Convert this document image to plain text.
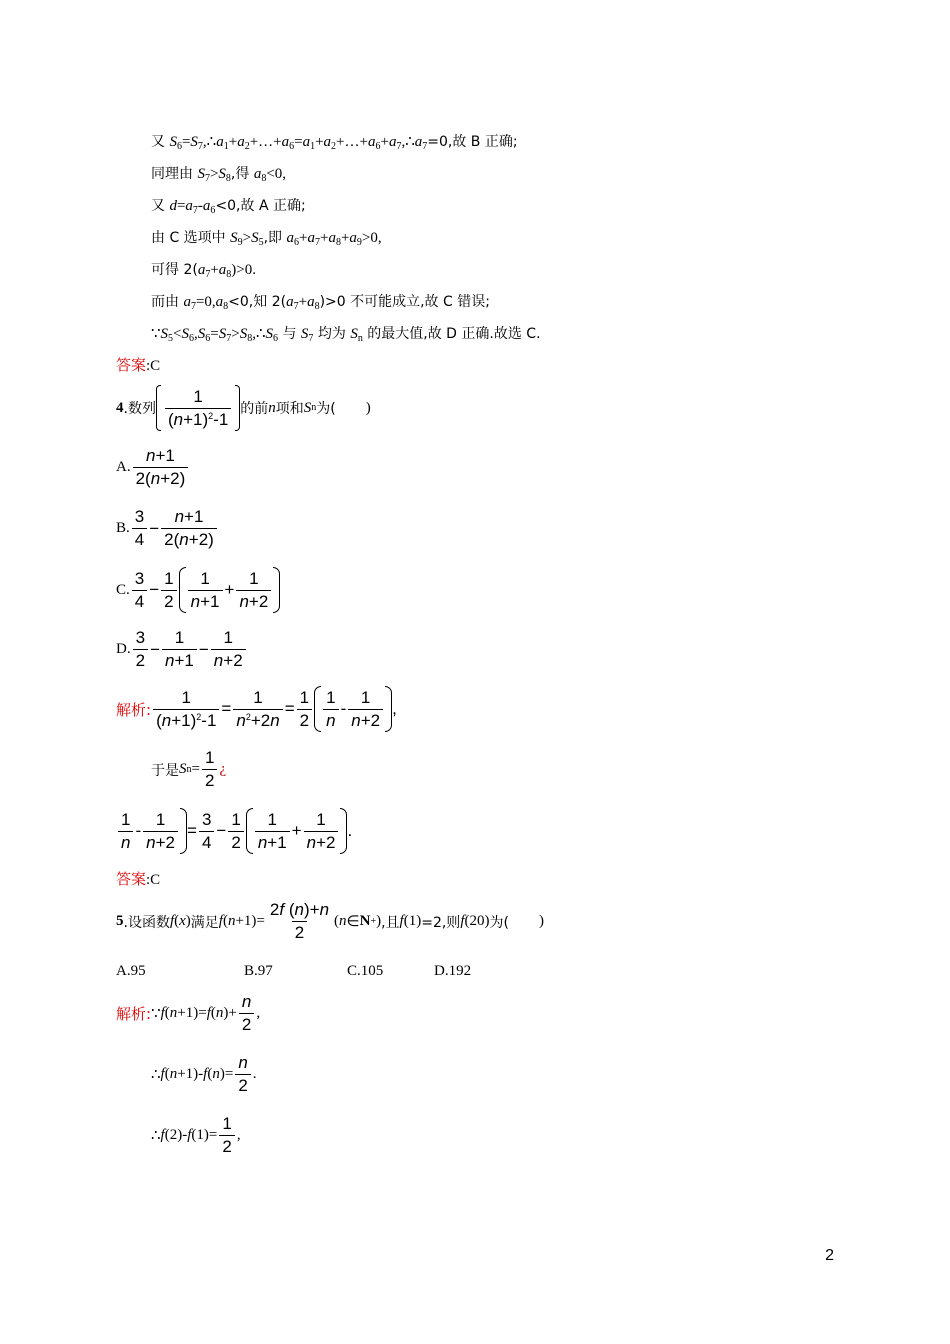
又 $S_6=S_7,\therefore a_1+a_2+\dots+a_6=a_1+a_2+\dots+a_6+a_7,\therefore a_7=0$,故 B 正确;
同理由 $S_7>S_8$,得 $a_8<0$,
又 $d=a_7-a_6<0$,故 A 正确;
由 C 选项中 $S_9>S_5$,即 $a_6+a_7+a_8+a_9>0$,
可得 $2(a_7+a_8)>0$.
而由 $a_7=0,a_8<0$,知 $2(a_7+a_8)>0$ 不可能成立,故 C 错误;
$\because S_5<S_6,S_6=S_7>S_8,\therefore S_6$ 与 $S_7$ 均为 $S_n$ 的最大值,故 D 正确.故选 C.
答案:C
4 .数列 $\frac{1}{(n+1)^2-1}$ 的前 n 项和 S n 为( )
A. $\frac{n+1}{2(n+2)}$
B. $\frac{3}{4} - \frac{n+1}{2(n+2)}$
C. $\frac{3}{4} - \frac{1}{2} \frac{1}{n+1} + \frac{1}{n+2}$
D. $\frac{3}{2} - \frac{1}{n+1} - \frac{1}{n+2}$
解析: $\frac{1}{(n+1)^2-1} = \frac{1}{n^2+2n} = \frac{1}{2} \frac{1}{n} - \frac{1}{n+2}$ ,
于是 S $n = \frac{1}{2}$ ¿
$\frac{1}{n} - \frac{1}{n+2} = \frac{3}{4} - \frac{1}{2} \frac{1}{n+1} + \frac{1}{n+2}$ .
答案:C
5 .设函数 f ( x ) 满足 f ( $n +1) = \frac{2f (n)+n}{2}$ ( n ∈ N + ) ,且 f (1) =2,则 f (20) 为( )
A.95	B.97	C.105	D.192
解析: ∵ f ( n +1)= f ( n )+ $\frac{n}{2}$ ,
∴ f ( n +1)- f ( n )= $\frac{n}{2}$ .
∴ f (2)- f $(1)= \frac{1}{2}$ ,
2
